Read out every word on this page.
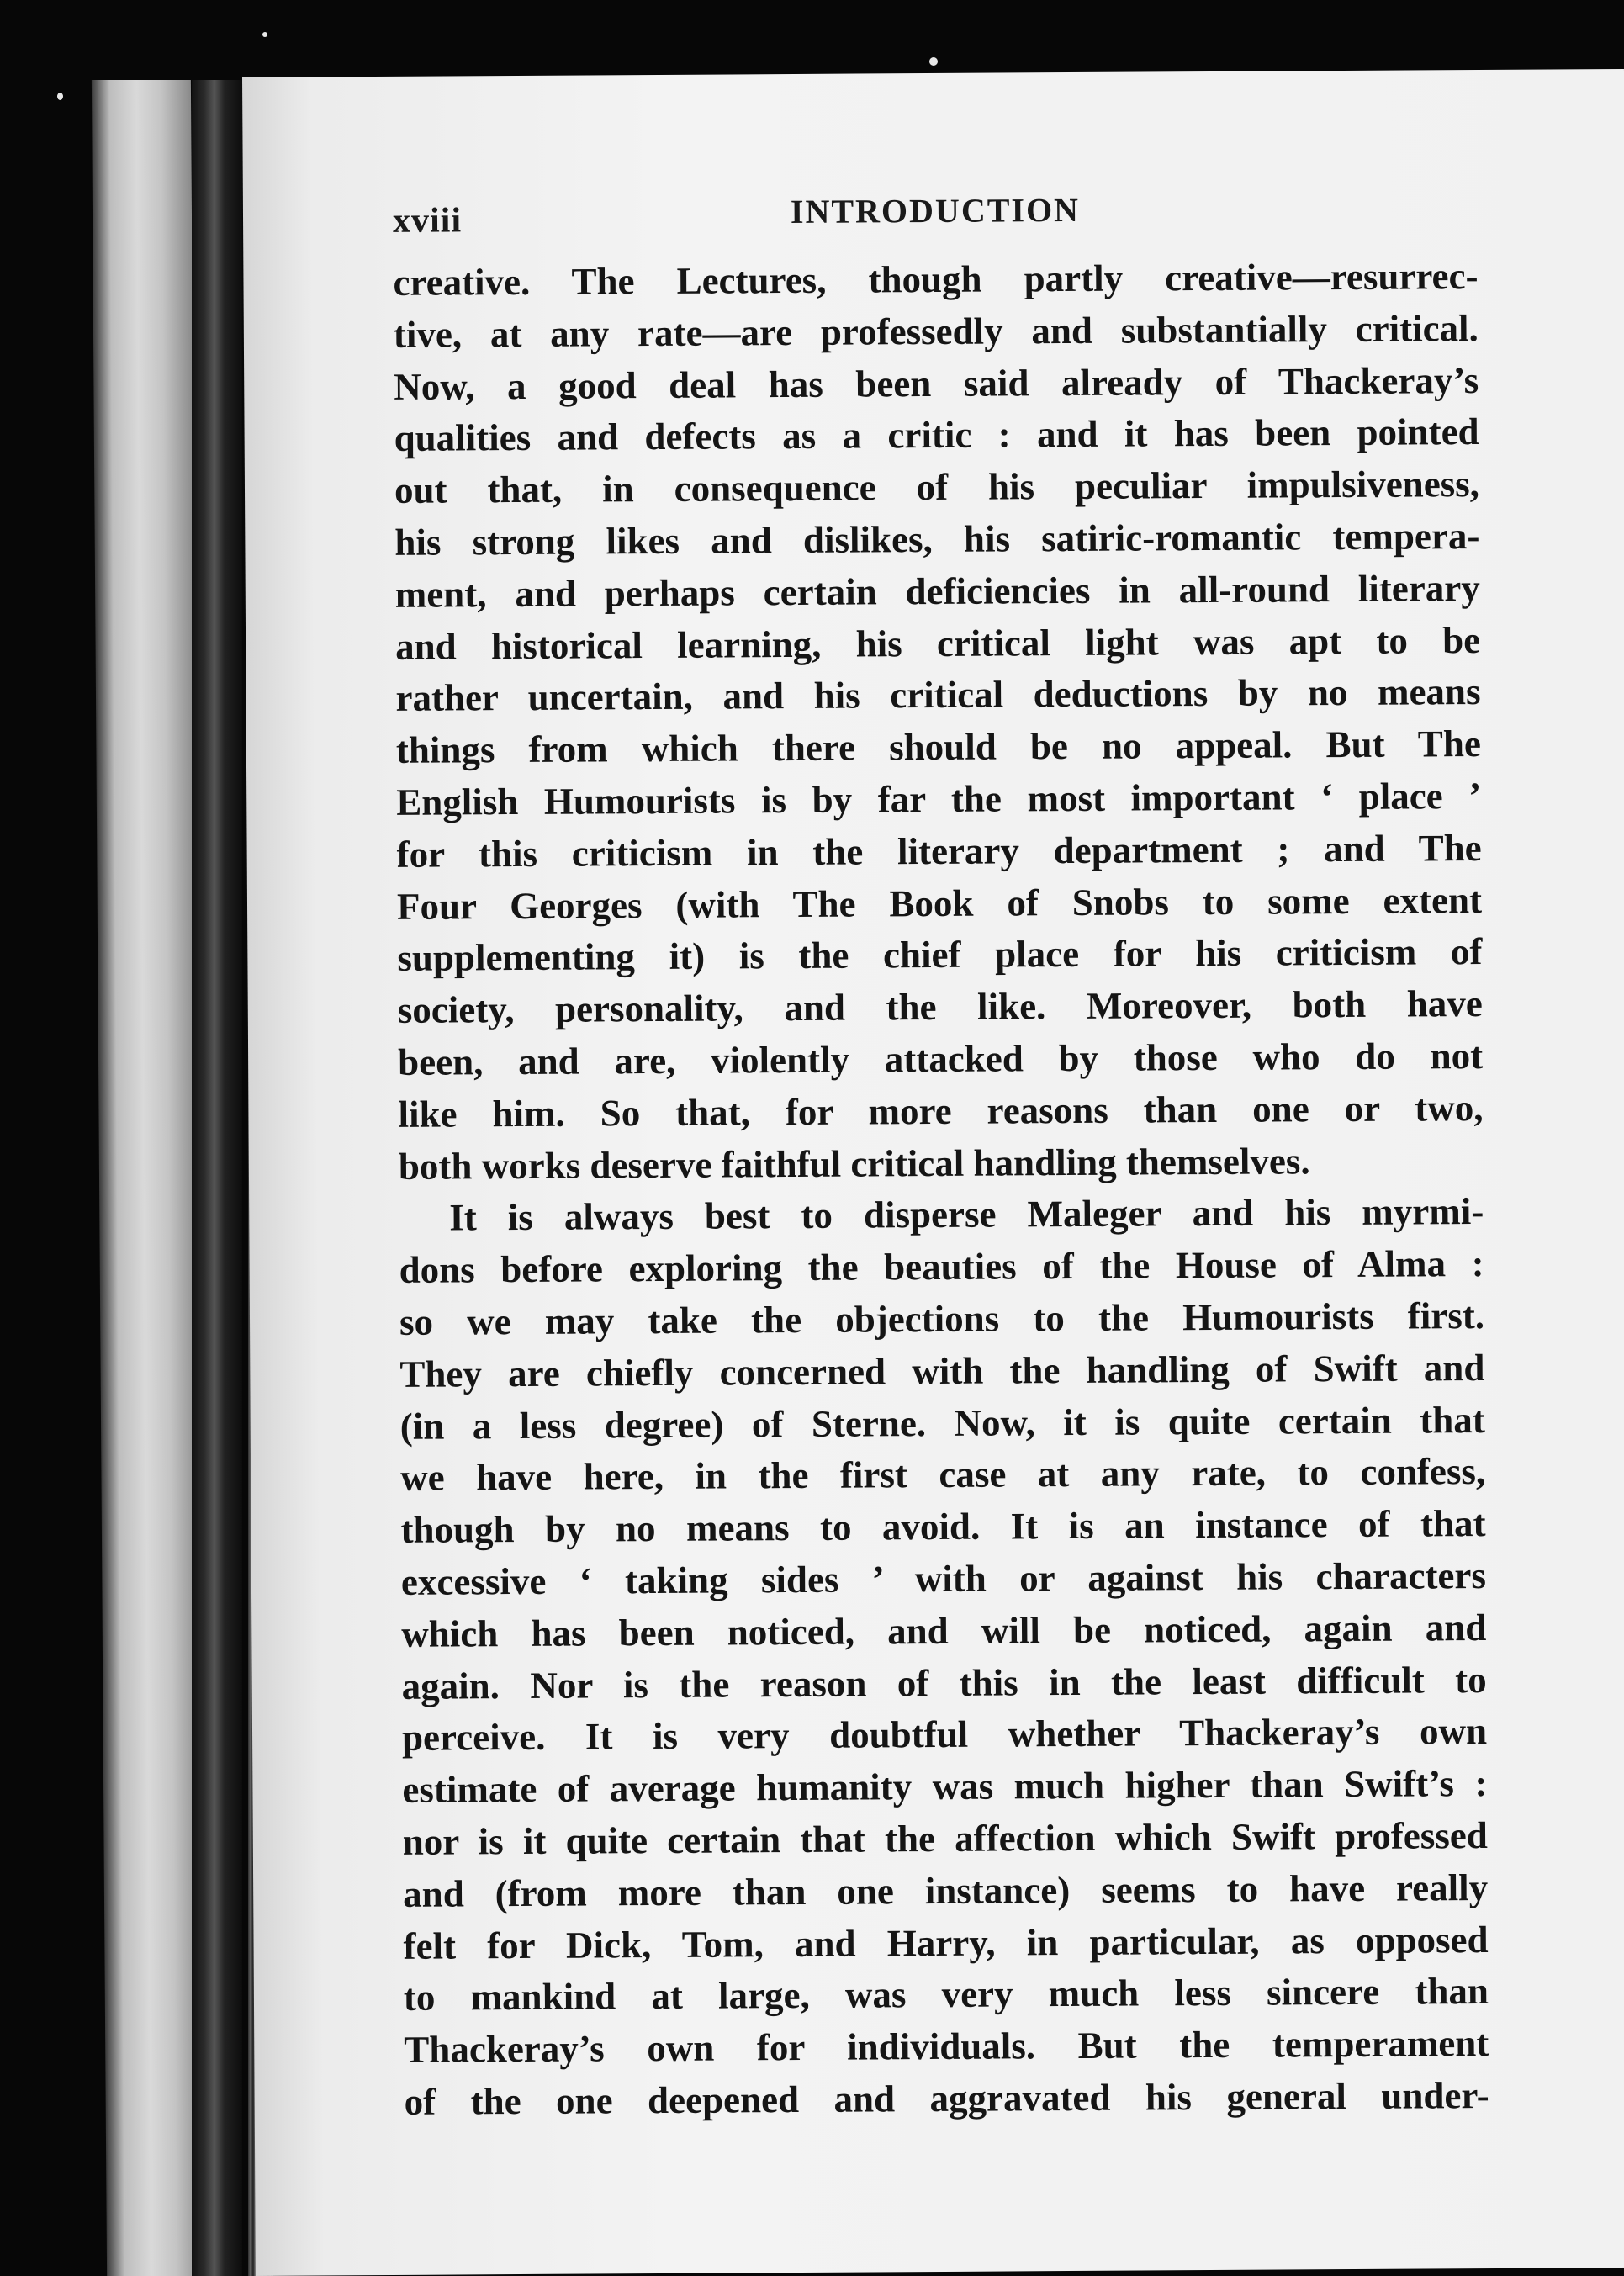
xviii	INTRODUCTION
creative. The Lectures, though partly creative—resurrec-
tive, at any rate—are professedly and substantially critical.
Now, a good deal has been said already of Thackeray’s
qualities and defects as a critic : and it has been pointed
out that, in consequence of his peculiar impulsiveness,
his strong likes and dislikes, his satiric-romantic tempera-
ment, and perhaps certain deficiencies in all-round literary
and historical learning, his critical light was apt to be
rather uncertain, and his critical deductions by no means
things from which there should be no appeal. But The
English Humourists is by far the most important ‘ place ’
for this criticism in the literary department ; and The
Four Georges (with The Book of Snobs to some extent
supplementing it) is the chief place for his criticism of
society, personality, and the like. Moreover, both have
been, and are, violently attacked by those who do not
like him. So that, for more reasons than one or two,
both works deserve faithful critical handling themselves.
It is always best to disperse Maleger and his myrmi-
dons before exploring the beauties of the House of Alma :
so we may take the objections to the Humourists first.
They are chiefly concerned with the handling of Swift and
(in a less degree) of Sterne. Now, it is quite certain that
we have here, in the first case at any rate, to confess,
though by no means to avoid. It is an instance of that
excessive ‘ taking sides ’ with or against his characters
which has been noticed, and will be noticed, again and
again. Nor is the reason of this in the least difficult to
perceive. It is very doubtful whether Thackeray’s own
estimate of average humanity was much higher than Swift’s :
nor is it quite certain that the affection which Swift professed
and (from more than one instance) seems to have really
felt for Dick, Tom, and Harry, in particular, as opposed
to mankind at large, was very much less sincere than
Thackeray’s own for individuals. But the temperament
of the one deepened and aggravated his general under-
